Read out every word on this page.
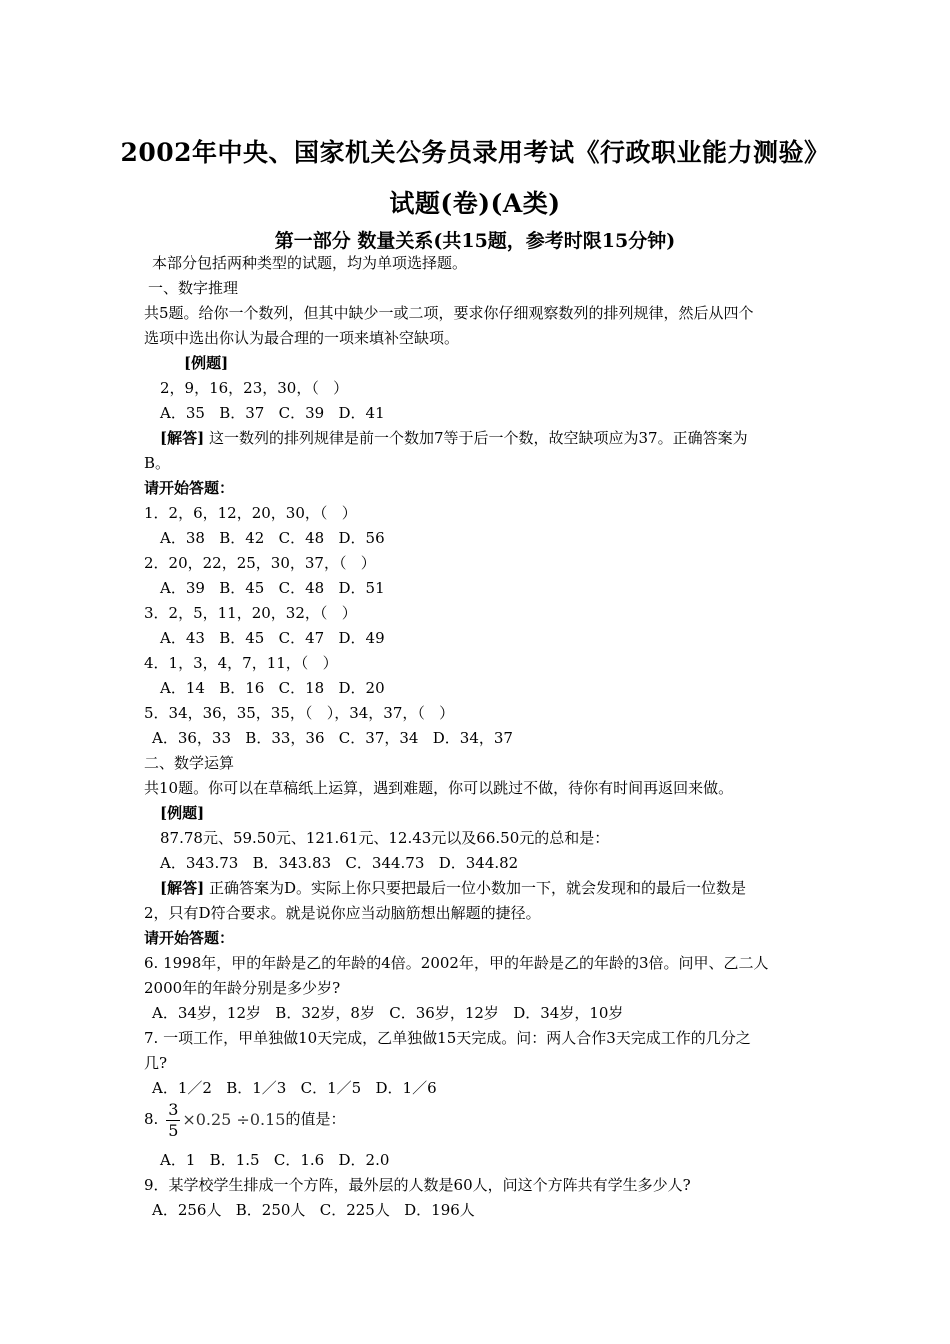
2002年中央、国家机关公务员录用考试《行政职业能力测验》
试题(卷)(A类)
第一部分 数量关系(共15题，参考时限15分钟)
本部分包括两种类型的试题，均为单项选择题。
一、数字推理
共5题。给你一个数列，但其中缺少一或二项，要求你仔细观察数列的排列规律，然后从四个
选项中选出你认为最合理的一项来填补空缺项。
[例题]
2，9，16，23，30，（   ）
A．35   B．37   C．39   D．41
[解答] 这一数列的排列规律是前一个数加7等于后一个数，故空缺项应为37。正确答案为
B。
请开始答题：
1．2，6，12，20，30，（   ）
A．38   B．42   C．48   D．56
2．20，22，25，30，37，（   ）
A．39   B．45   C．48   D．51
3．2，5，11，20，32，（   ）
A．43   B．45   C．47   D．49
4．1，3，4，7，11，（   ）
A．14   B．16   C．18   D．20
5．34，36，35，35，（   ），34，37，（   ）
A．36，33   B．33，36   C．37，34   D．34，37
二、数学运算
共10题。你可以在草稿纸上运算，遇到难题，你可以跳过不做，待你有时间再返回来做。
[例题]
87.78元、59.50元、121.61元、12.43元以及66.50元的总和是：
A．343.73   B．343.83   C．344.73   D．344.82
[解答] 正确答案为D。实际上你只要把最后一位小数加一下，就会发现和的最后一位数是
2，只有D符合要求。就是说你应当动脑筋想出解题的捷径。
请开始答题：
6. 1998年，甲的年龄是乙的年龄的4倍。2002年，甲的年龄是乙的年龄的3倍。问甲、乙二人
2000年的年龄分别是多少岁?
A．34岁，12岁   B．32岁，8岁   C．36岁，12岁   D．34岁，10岁
7. 一项工作，甲单独做10天完成，乙单独做15天完成。问：两人合作3天完成工作的几分之
几?
A．1／2   B．1／3   C．1／5   D．1／6
8. $\frac{3}{5} \times 0.25 \div 0.15$的值是：
A．1   B．1.5   C．1.6   D．2.0
9．某学校学生排成一个方阵，最外层的人数是60人，问这个方阵共有学生多少人?
A．256人   B．250人   C．225人   D．196人
